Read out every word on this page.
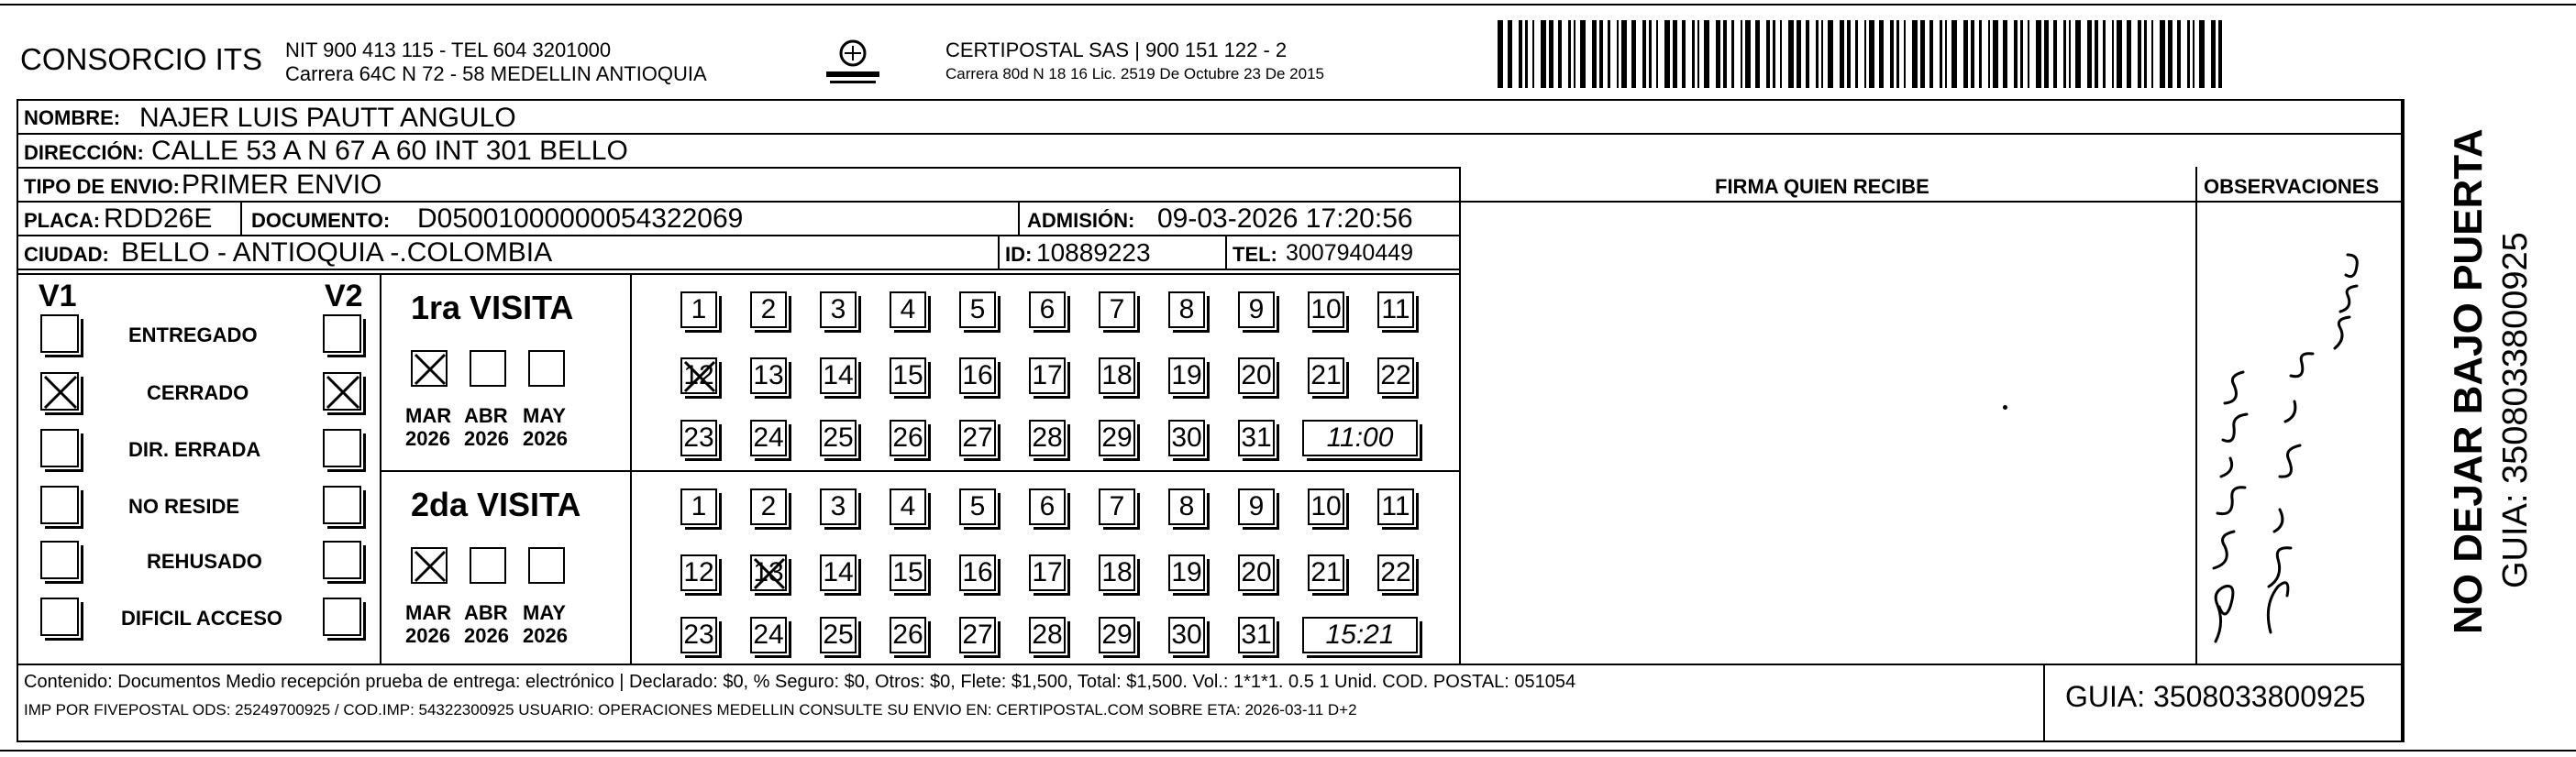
CONSORCIO ITS NIT 900 413 115 - TEL 604 3201000
Carrera 64C N 72 - 58 MEDELLIN ANTIOQUIA
CERTIPOSTAL SAS | 900 151 122 - 2
Carrera 80d N 18 16 Lic. 2519 De Octubre 23 De 2015
NOMBRE: NAJER LUIS PAUTT ANGULO
DIRECCIÓN: CALLE 53 A N 67 A 60 INT 301 BELLO
TIPO DE ENVIO: PRIMER ENVIO
PLACA: RDD26E DOCUMENTO: D05001000000054322069	ADMISIÓN: 09-03-2026 17:20:56
CIUDAD: BELLO - ANTIOQUIA -.COLOMBIA	ID: 10889223	TEL: 3007940449
FIRMA QUIEN RECIBE	OBSERVACIONES NO DEJAR BAJO PUERTA GUIA: 3508033800925
V1	V2
ENTREGADO
CERRADO
DIR. ERRADA
NO RESIDE
REHUSADO
DIFICIL ACCESO
1ra VISITA
MAR
2026
ABR
2026
MAY
2026
1 2 3 4 5 6 7 8 9 10 11
12 13 14 15 16 17 18 19 20 21 22
23 24 25 26 27 28 29 30 31 11:00
2da VISITA
MAR
2026
ABR
2026
MAY
2026
1 2 3 4 5 6 7 8 9 10 11
12 13 14 15 16 17 18 19 20 21 22
23 24 25 26 27 28 29 30 31 15:21
Contenido: Documentos Medio recepción prueba de entrega: electrónico | Declarado: $0, % Seguro: $0, Otros: $0, Flete: $1,500, Total: $1,500. Vol.: 1*1*1. 0.5 1 Unid. COD. POSTAL: 051054
IMP POR FIVEPOSTAL ODS: 25249700925 / COD.IMP: 54322300925 USUARIO: OPERACIONES MEDELLIN CONSULTE SU ENVIO EN: CERTIPOSTAL.COM SOBRE ETA: 2026-03-11 D+2	GUIA: 3508033800925
